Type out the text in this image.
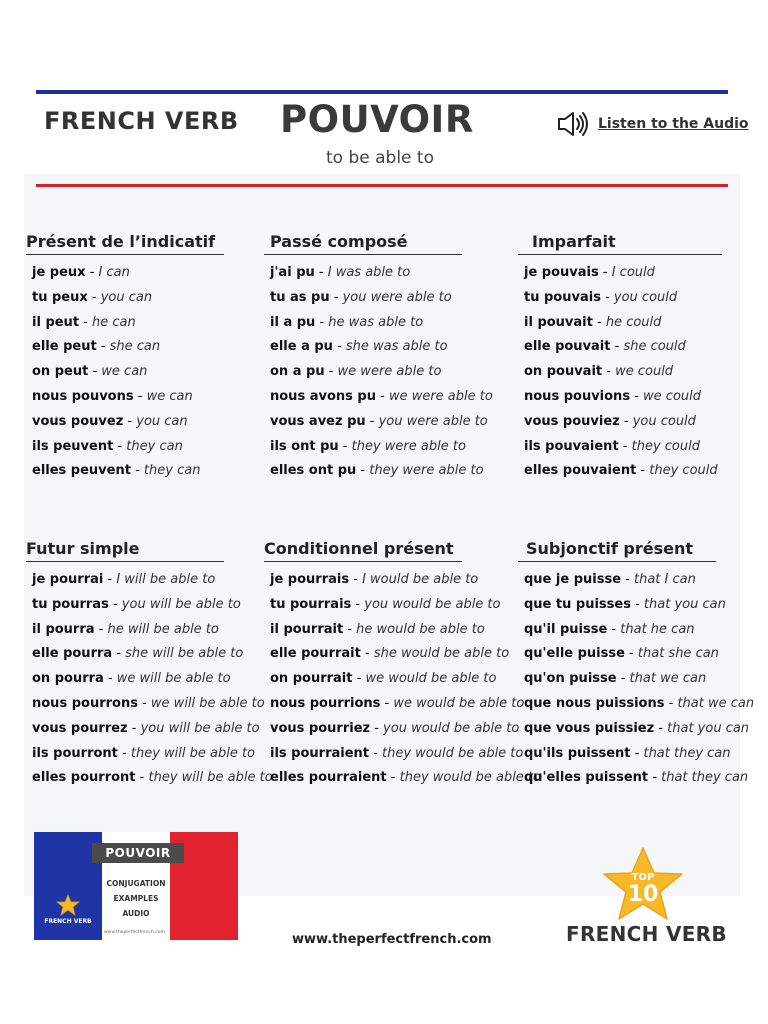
FRENCH VERB POUVOIR
to be able to
Listen to the Audio
Présent de l’indicatif
je peux - I can
tu peux - you can
il peut - he can
elle peut - she can
on peut - we can
nous pouvons - we can
vous pouvez - you can
ils peuvent - they can
elles peuvent - they can
Passé composé
j'ai pu - I was able to
tu as pu - you were able to
il a pu - he was able to
elle a pu - she was able to
on a pu - we were able to
nous avons pu - we were able to
vous avez pu - you were able to
ils ont pu - they were able to
elles ont pu - they were able to
Imparfait
je pouvais - I could
tu pouvais - you could
il pouvait - he could
elle pouvait - she could
on pouvait - we could
nous pouvions - we could
vous pouviez - you could
ils pouvaient - they could
elles pouvaient - they could
Futur simple
je pourrai - I will be able to
tu pourras - you will be able to
il pourra - he will be able to
elle pourra - she will be able to
on pourra - we will be able to
nous pourrons - we will be able to
vous pourrez - you will be able to
ils pourront - they will be able to
elles pourront - they will be able to
Conditionnel présent
je pourrais - I would be able to
tu pourrais - you would be able to
il pourrait - he would be able to
elle pourrait - she would be able to
on pourrait - we would be able to
nous pourrions - we would be able to
vous pourriez - you would be able to
ils pourraient - they would be able to
elles pourraient - they would be able to
Subjonctif présent
que je puisse - that I can
que tu puisses - that you can
qu'il puisse - that he can
qu'elle puisse - that she can
qu'on puisse - that we can
que nous puissions - that we can
que vous puissiez - that you can
qu'ils puissent - that they can
qu'elles puissent - that they can
POUVOIR
CONJUGATION
EXAMPLES
AUDIO
FRENCH VERB
www.theperfectfrench.com	www.theperfectfrench.com
TOP
10
FRENCH VERB
